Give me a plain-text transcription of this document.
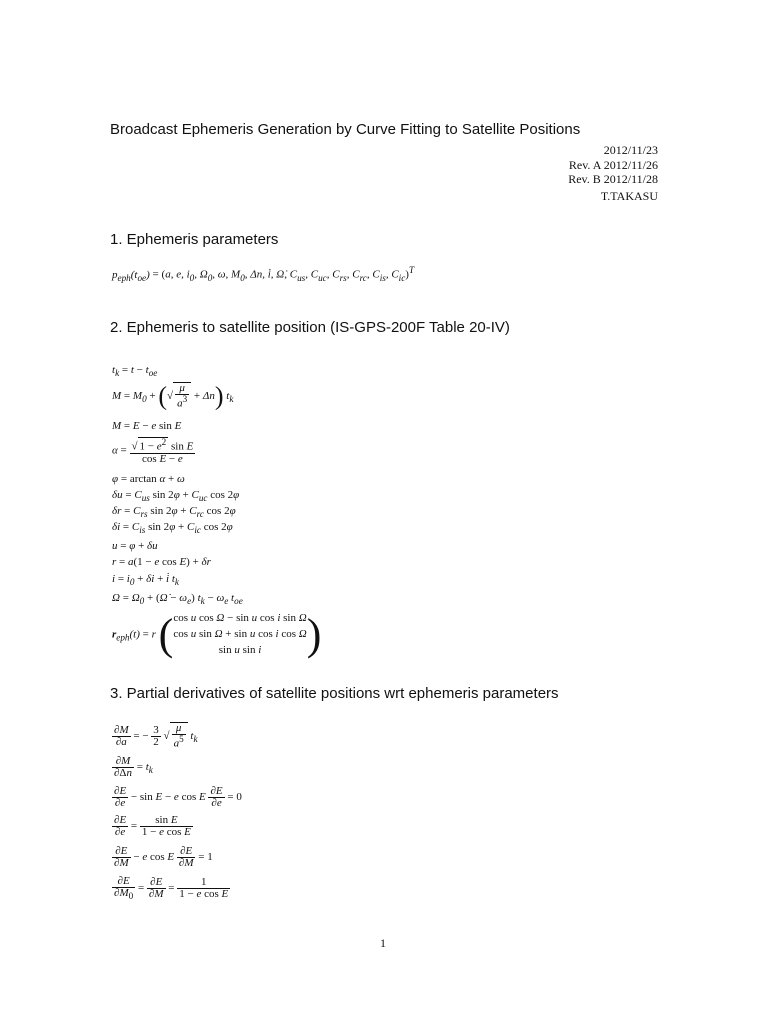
Broadcast Ephemeris Generation by Curve Fitting to Satellite Positions
2012/11/23
Rev. A 2012/11/26
Rev. B 2012/11/28
T.TAKASU
1. Ephemeris parameters
$p_{eph}(t_{oe}) = (a$, e, $i_0$, $\Omega_0$, ω, $M_0$, Δn, i̇, Ω̇, $C_{us}$, $C_{uc}$, $C_{rs}$, $C_{rc}$, $C_{is}$, $C_{ic})^T$
2. Ephemeris to satellite position (IS-GPS-200F Table 20-IV)
$t_k = t - t_{oe}$
$M = M_0$ + (√ $\frac{\mu}{a^3} + \Delta n$) $t_k$
M = E − e sin E
$\alpha = \frac{√ 1 - e^2 \sin E}{\text{cos E − e}}$
φ = arctan α + ω
$\delta u = C_{us}$ $\sin 2\varphi + C_{uc}$ cos 2φ
$\delta r = C_{rs}$ $\sin 2\varphi + C_{rc}$ cos 2φ
$\delta i = C_{is}$ $\sin 2\varphi + C_{ic}$ cos 2φ
u = φ + δu
r = a(1 − e cos E) + δr
$i = i_0 + \delta i$ + i̇ $t_k$
$\Omega = \Omega_0$ + (Ω̇ − $\omega_e$) $t_k - \omega_e$ $t_{oe}$
$r_{eph}(t) = r$ ( cos u cos Ω − sin u cos i sin Ω
cos u sin Ω + sin u cos i cos Ω
sin u sin i	)
3. Partial derivatives of satellite positions wrt ephemeris parameters
$\frac{\partial M}{\partial a}$ = − $\frac{3}{2}$ √ $\frac{\mu}{a^5} t_k$
$\frac{\partial M}{\partial\Delta n} = t_k$
$\frac{\partial E}{\partial e} - \sin E - e$ cos E $\frac{\partial E}{\partial e} = 0$
$\frac{\partial E}{\partial e} = \frac{\text{sin E}}{\text{1 − e cos E}}$
$\frac{\partial E}{\partial M} - e$ cos E $\frac{\partial E}{\partial M} = 1$
$\frac{\partial E}{\partial M_0} = \frac{\partial E}{\partial M} = \frac{1}{\text{1 − e cos E}}$
1
